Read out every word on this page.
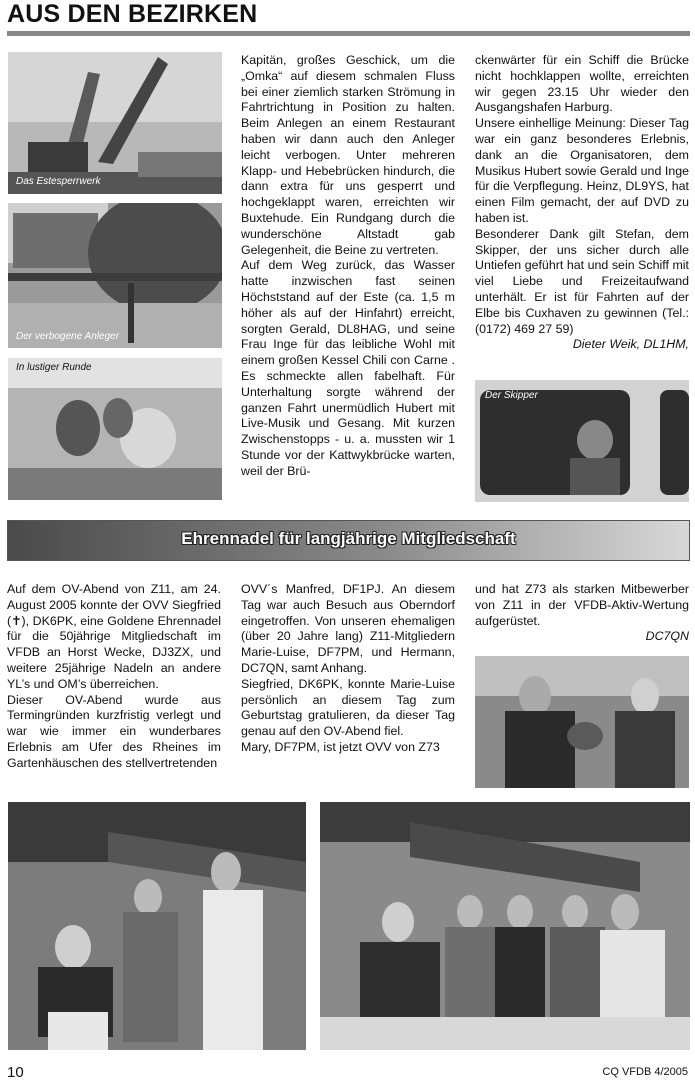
AUS DEN BEZIRKEN
Das Estesperrwerk
Der verbogene Anleger
In lustiger Runde

Kapitän, großes Geschick, um die „Omka“ auf diesem schmalen Fluss bei einer ziemlich starken Strömung in Fahrtrichtung in Position zu halten. Beim Anlegen an einem Restaurant haben wir dann auch den Anleger leicht verbogen. Unter mehreren Klapp- und Hebebrücken hindurch, die dann extra für uns gesperrt und hochgeklappt waren, erreichten wir Buxtehude. Ein Rundgang durch die wunderschöne Altstadt gab Gelegenheit, die Beine zu vertreten.

Auf dem Weg zurück, das Wasser hatte inzwischen fast seinen Höchststand auf der Este (ca. 1,5 m höher als auf der Hinfahrt) erreicht, sorgten Gerald, DL8HAG, und seine Frau Inge für das leibliche Wohl mit einem großen Kessel Chili con Carne . Es schmeckte allen fabelhaft. Für Unterhaltung sorgte während der ganzen Fahrt unermüdlich Hubert mit Live-Musik und Gesang. Mit kurzen Zwischenstopps - u. a. mussten wir 1 Stunde vor der Kattwykbrücke warten, weil der Brü-

ckenwärter für ein Schiff die Brücke nicht hochklappen wollte, erreichten wir gegen 23.15 Uhr wieder den Ausgangshafen Harburg.

Unsere einhellige Meinung: Dieser Tag war ein ganz besonderes Erlebnis, dank an die Organisatoren, dem Musikus Hubert sowie Gerald und Inge für die Verpflegung. Heinz, DL9YS, hat einen Film gemacht, der auf DVD zu haben ist.

Besonderer Dank gilt Stefan, dem Skipper, der uns sicher durch alle Untiefen geführt hat und sein Schiff mit viel Liebe und Freizeitaufwand unterhält. Er ist für Fahrten auf der Elbe bis Cuxhaven zu gewinnen (Tel.: (0172) 469 27 59)

Dieter Weik, DL1HM,

Der Skipper
Ehrennadel für langjährige Mitgliedschaft

Auf dem OV-Abend von Z11, am 24. August 2005 konnte der OVV Siegfried (✝), DK6PK, eine Goldene Ehrennadel für die 50jährige Mitgliedschaft im VFDB an Horst Wecke, DJ3ZX, und weitere 25jährige Nadeln an andere YL’s und OM’s überreichen.

Dieser OV-Abend wurde aus Termingründen kurzfristig verlegt und war wie immer ein wunderbares Erlebnis am Ufer des Rheines im Gartenhäuschen des stellvertretenden

OVV´s Manfred, DF1PJ. An diesem Tag war auch Besuch aus Oberndorf eingetroffen. Von unseren ehemaligen (über 20 Jahre lang) Z11-Mitgliedern Marie-Luise, DF7PM, und Hermann, DC7QN, samt Anhang.

Siegfried, DK6PK, konnte Marie-Luise persönlich an diesem Tag zum Geburtstag gratulieren, da dieser Tag genau auf den OV-Abend fiel.

Mary, DF7PM, ist jetzt OVV von Z73

und hat Z73 als starken Mitbewerber von Z11 in der VFDB-Aktiv-Wertung aufgerüstet.

DC7QN

10	CQ VFDB 4/2005
